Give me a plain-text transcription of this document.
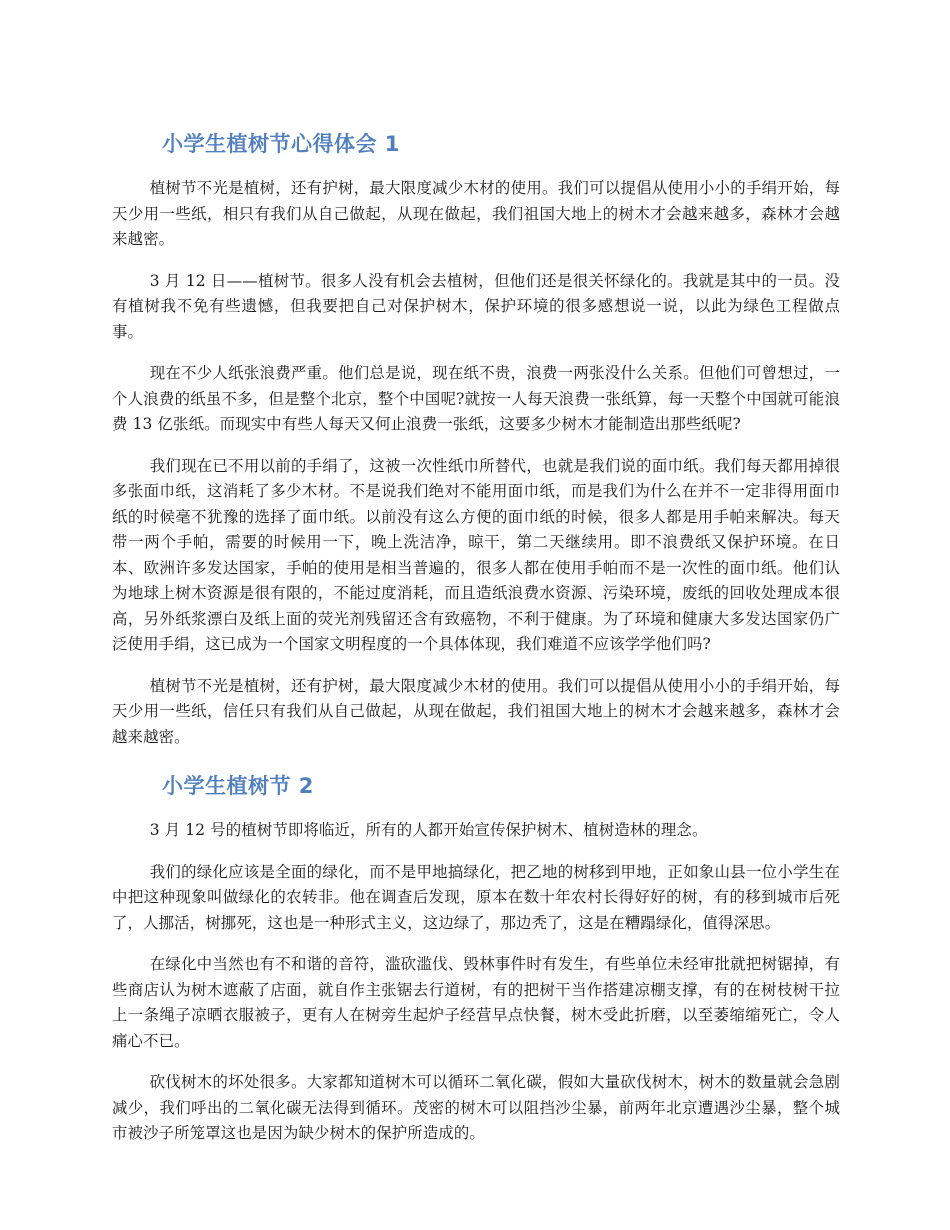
小学生植树节心得体会 1

植树节不光是植树，还有护树，最大限度减少木材的使用。我们可以提倡从使用小小的手绢开始，每天少用一些纸，相只有我们从自己做起，从现在做起，我们祖国大地上的树木才会越来越多，森林才会越来越密。

3 月 12 日——植树节。很多人没有机会去植树，但他们还是很关怀绿化的。我就是其中的一员。没有植树我不免有些遗憾，但我要把自己对保护树木，保护环境的很多感想说一说，以此为绿色工程做点事。

现在不少人纸张浪费严重。他们总是说，现在纸不贵，浪费一两张没什么关系。但他们可曾想过，一个人浪费的纸虽不多，但是整个北京，整个中国呢?就按一人每天浪费一张纸算，每一天整个中国就可能浪费 13 亿张纸。而现实中有些人每天又何止浪费一张纸，这要多少树木才能制造出那些纸呢?

我们现在已不用以前的手绢了，这被一次性纸巾所替代，也就是我们说的面巾纸。我们每天都用掉很多张面巾纸，这消耗了多少木材。不是说我们绝对不能用面巾纸，而是我们为什么在并不一定非得用面巾纸的时候毫不犹豫的选择了面巾纸。以前没有这么方便的面巾纸的时候，很多人都是用手帕来解决。每天带一两个手帕，需要的时候用一下，晚上洗洁净，晾干，第二天继续用。即不浪费纸又保护环境。在日本、欧洲许多发达国家，手帕的使用是相当普遍的，很多人都在使用手帕而不是一次性的面巾纸。他们认为地球上树木资源是很有限的，不能过度消耗，而且造纸浪费水资源、污染环境，废纸的回收处理成本很高，另外纸浆漂白及纸上面的荧光剂残留还含有致癌物，不利于健康。为了环境和健康大多发达国家仍广泛使用手绢，这已成为一个国家文明程度的一个具体体现，我们难道不应该学学他们吗?

植树节不光是植树，还有护树，最大限度减少木材的使用。我们可以提倡从使用小小的手绢开始，每天少用一些纸，信任只有我们从自己做起，从现在做起，我们祖国大地上的树木才会越来越多，森林才会越来越密。

小学生植树节 2

3 月 12 号的植树节即将临近，所有的人都开始宣传保护树木、植树造林的理念。

我们的绿化应该是全面的绿化，而不是甲地搞绿化，把乙地的树移到甲地，正如象山县一位小学生在中把这种现象叫做绿化的农转非。他在调查后发现，原本在数十年农村长得好好的树，有的移到城市后死了，人挪活，树挪死，这也是一种形式主义，这边绿了，那边秃了，这是在糟蹋绿化，值得深思。

在绿化中当然也有不和谐的音符，滥砍滥伐、毁林事件时有发生，有些单位未经审批就把树锯掉，有些商店认为树木遮蔽了店面，就自作主张锯去行道树，有的把树干当作搭建凉棚支撑，有的在树枝树干拉上一条绳子凉晒衣服被子，更有人在树旁生起炉子经营早点快餐，树木受此折磨，以至萎缩缩死亡，令人痛心不已。

砍伐树木的坏处很多。大家都知道树木可以循环二氧化碳，假如大量砍伐树木，树木的数量就会急剧减少，我们呼出的二氧化碳无法得到循环。茂密的树木可以阻挡沙尘暴，前两年北京遭遇沙尘暴，整个城市被沙子所笼罩这也是因为缺少树木的保护所造成的。
